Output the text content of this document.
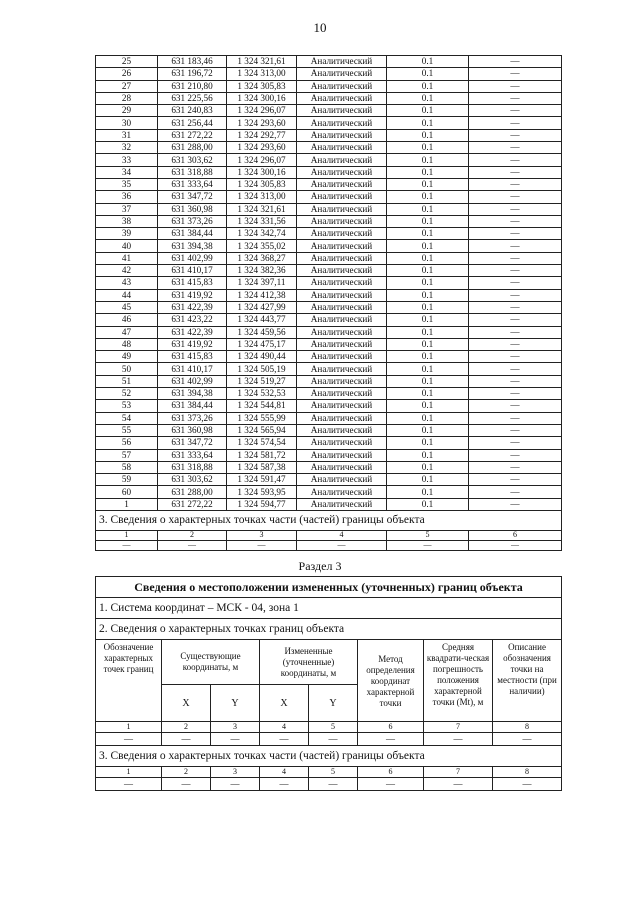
10
25	631 183,46	1 324 321,61	Аналитический	0.1	—
26	631 196,72	1 324 313,00	Аналитический	0.1	—
27	631 210,80	1 324 305,83	Аналитический	0.1	—
28	631 225,56	1 324 300,16	Аналитический	0.1	—
29	631 240,83	1 324 296,07	Аналитический	0.1	—
30	631 256,44	1 324 293,60	Аналитический	0.1	—
31	631 272,22	1 324 292,77	Аналитический	0.1	—
32	631 288,00	1 324 293,60	Аналитический	0.1	—
33	631 303,62	1 324 296,07	Аналитический	0.1	—
34	631 318,88	1 324 300,16	Аналитический	0.1	—
35	631 333,64	1 324 305,83	Аналитический	0.1	—
36	631 347,72	1 324 313,00	Аналитический	0.1	—
37	631 360,98	1 324 321,61	Аналитический	0.1	—
38	631 373,26	1 324 331,56	Аналитический	0.1	—
39	631 384,44	1 324 342,74	Аналитический	0.1	—
40	631 394,38	1 324 355,02	Аналитический	0.1	—
41	631 402,99	1 324 368,27	Аналитический	0.1	—
42	631 410,17	1 324 382,36	Аналитический	0.1	—
43	631 415,83	1 324 397,11	Аналитический	0.1	—
44	631 419,92	1 324 412,38	Аналитический	0.1	—
45	631 422,39	1 324 427,99	Аналитический	0.1	—
46	631 423,22	1 324 443,77	Аналитический	0.1	—
47	631 422,39	1 324 459,56	Аналитический	0.1	—
48	631 419,92	1 324 475,17	Аналитический	0.1	—
49	631 415,83	1 324 490,44	Аналитический	0.1	—
50	631 410,17	1 324 505,19	Аналитический	0.1	—
51	631 402,99	1 324 519,27	Аналитический	0.1	—
52	631 394,38	1 324 532,53	Аналитический	0.1	—
53	631 384,44	1 324 544,81	Аналитический	0.1	—
54	631 373,26	1 324 555,99	Аналитический	0.1	—
55	631 360,98	1 324 565,94	Аналитический	0.1	—
56	631 347,72	1 324 574,54	Аналитический	0.1	—
57	631 333,64	1 324 581,72	Аналитический	0.1	—
58	631 318,88	1 324 587,38	Аналитический	0.1	—
59	631 303,62	1 324 591,47	Аналитический	0.1	—
60	631 288,00	1 324 593,95	Аналитический	0.1	—
1	631 272,22	1 324 594,77	Аналитический	0.1	—
3. Сведения о характерных точках части (частей) границы объекта					
1	2	3	4	5	6
—	—	—	—	—	—
Раздел 3
Сведения о местоположении измененных (уточненных) границ объекта							
1. Система координат – МСК - 04, зона 1							
2. Сведения о характерных точках границ объекта							
Обозначение характерных точек границ	Существующие координаты, м		Измененные (уточненные) координаты, м		Метод определения координат характерной точки	Средняя квадрати-ческая погрешность положения характерной точки (Mt), м	Описание обозначения точки на местности (при наличии)
	X	Y	X	Y			
1	2	3	4	5	6	7	8
—	—	—	—	—	—	—	—
3. Сведения о характерных точках части (частей) границы объекта							
1	2	3	4	5	6	7	8
—	—	—	—	—	—	—	—
